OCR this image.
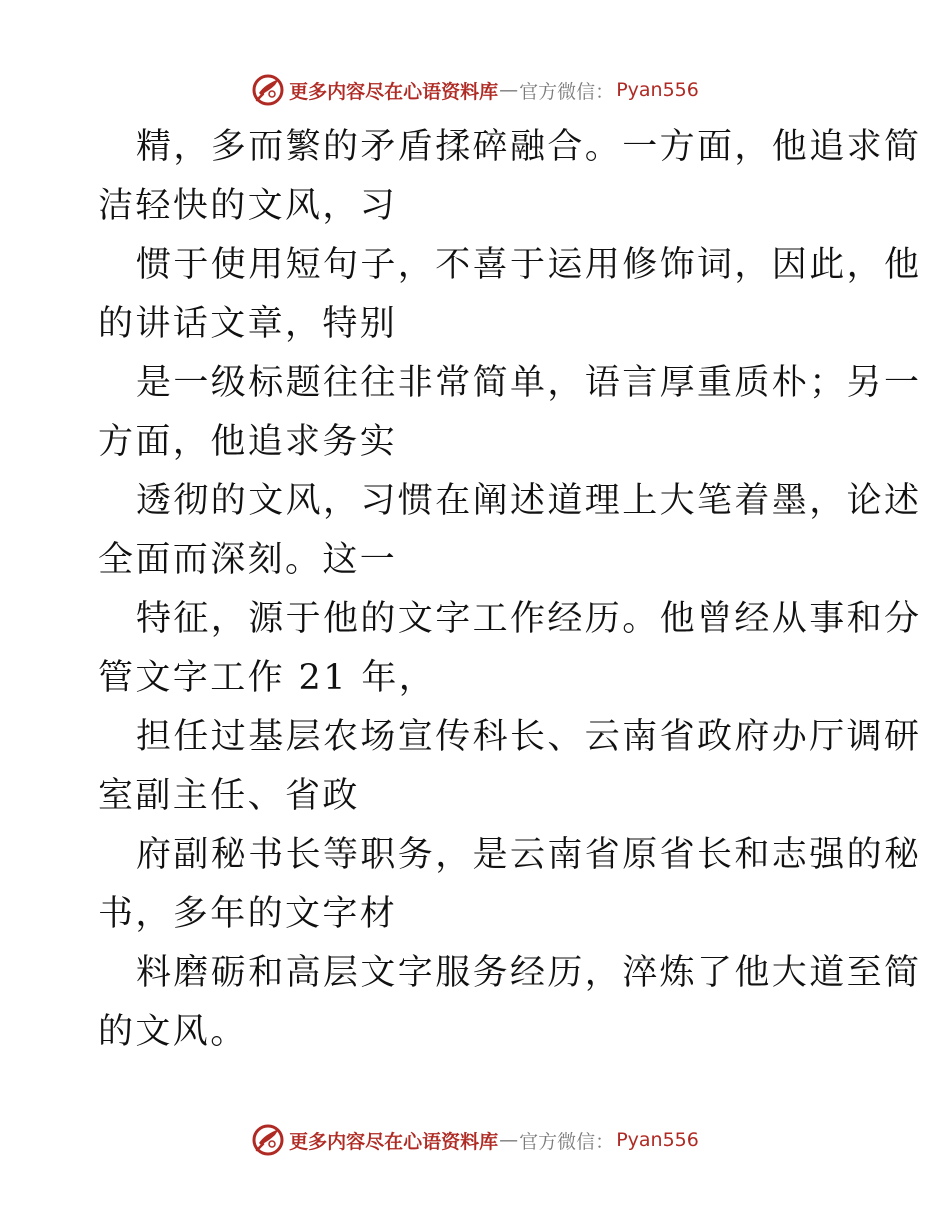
更多内容尽在心语资料库 — 官方微信： Pyan556
精，多而繁的矛盾揉碎融合。一方面，他追求简
洁轻快的文风，习
惯于使用短句子，不喜于运用修饰词，因此，他
的讲话文章，特别
是一级标题往往非常简单，语言厚重质朴；另一
方面，他追求务实
透彻的文风，习惯在阐述道理上大笔着墨，论述
全面而深刻。这一
特征，源于他的文字工作经历。他曾经从事和分
管文字工作 21 年，
担任过基层农场宣传科长、云南省政府办厅调研
室副主任、省政
府副秘书长等职务，是云南省原省长和志强的秘
书，多年的文字材
料磨砺和高层文字服务经历，淬炼了他大道至简
的文风。
更多内容尽在心语资料库 — 官方微信： Pyan556
